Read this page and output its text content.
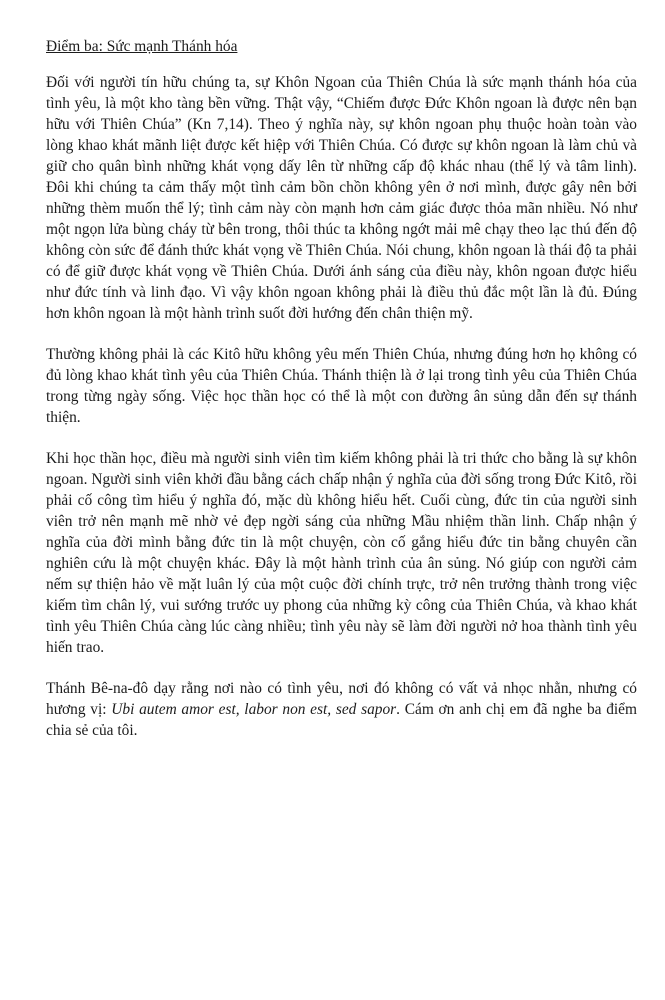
Điểm ba: Sức mạnh Thánh hóa

Đối với người tín hữu chúng ta, sự Khôn Ngoan của Thiên Chúa là sức mạnh thánh hóa của tình yêu, là một kho tàng bền vững. Thật vậy, “Chiếm được Đức Khôn ngoan là được nên bạn hữu với Thiên Chúa” (Kn 7,14). Theo ý nghĩa này, sự khôn ngoan phụ thuộc hoàn toàn vào lòng khao khát mãnh liệt được kết hiệp với Thiên Chúa. Có được sự khôn ngoan là làm chủ và giữ cho quân bình những khát vọng dấy lên từ những cấp độ khác nhau (thể lý và tâm linh). Đôi khi chúng ta cảm thấy một tình cảm bồn chồn không yên ở nơi mình, được gây nên bởi những thèm muốn thể lý; tình cảm này còn mạnh hơn cảm giác được thỏa mãn nhiều. Nó như một ngọn lửa bùng cháy từ bên trong, thôi thúc ta không ngớt mải mê chạy theo lạc thú đến độ không còn sức để đánh thức khát vọng về Thiên Chúa. Nói chung, khôn ngoan là thái độ ta phải có để giữ được khát vọng về Thiên Chúa. Dưới ánh sáng của điều này, khôn ngoan được hiểu như đức tính và linh đạo. Vì vậy khôn ngoan không phải là điều thủ đắc một lần là đủ. Đúng hơn khôn ngoan là một hành trình suốt đời hướng đến chân thiện mỹ.

Thường không phải là các Kitô hữu không yêu mến Thiên Chúa, nhưng đúng hơn họ không có đủ lòng khao khát tình yêu của Thiên Chúa. Thánh thiện là ở lại trong tình yêu của Thiên Chúa trong từng ngày sống. Việc học thần học có thể là một con đường ân sủng dẫn đến sự thánh thiện.

Khi học thần học, điều mà người sinh viên tìm kiếm không phải là tri thức cho bằng là sự khôn ngoan. Người sinh viên khởi đầu bằng cách chấp nhận ý nghĩa của đời sống trong Đức Kitô, rồi phải cố công tìm hiểu ý nghĩa đó, mặc dù không hiểu hết. Cuối cùng, đức tin của người sinh viên trở nên mạnh mẽ nhờ vẻ đẹp ngời sáng của những Mầu nhiệm thần linh. Chấp nhận ý nghĩa của đời mình bằng đức tin là một chuyện, còn cố gắng hiểu đức tin bằng chuyên cần nghiên cứu là một chuyện khác. Đây là một hành trình của ân sủng. Nó giúp con người cảm nếm sự thiện hảo về mặt luân lý của một cuộc đời chính trực, trở nên trưởng thành trong việc kiếm tìm chân lý, vui sướng trước uy phong của những kỳ công của Thiên Chúa, và khao khát tình yêu Thiên Chúa càng lúc càng nhiều; tình yêu này sẽ làm đời người nở hoa thành tình yêu hiến trao.

Thánh Bê-na-đô dạy rằng nơi nào có tình yêu, nơi đó không có vất vả nhọc nhằn, nhưng có hương vị: Ubi autem amor est, labor non est, sed sapor. Cám ơn anh chị em đã nghe ba điểm chia sẻ của tôi.
